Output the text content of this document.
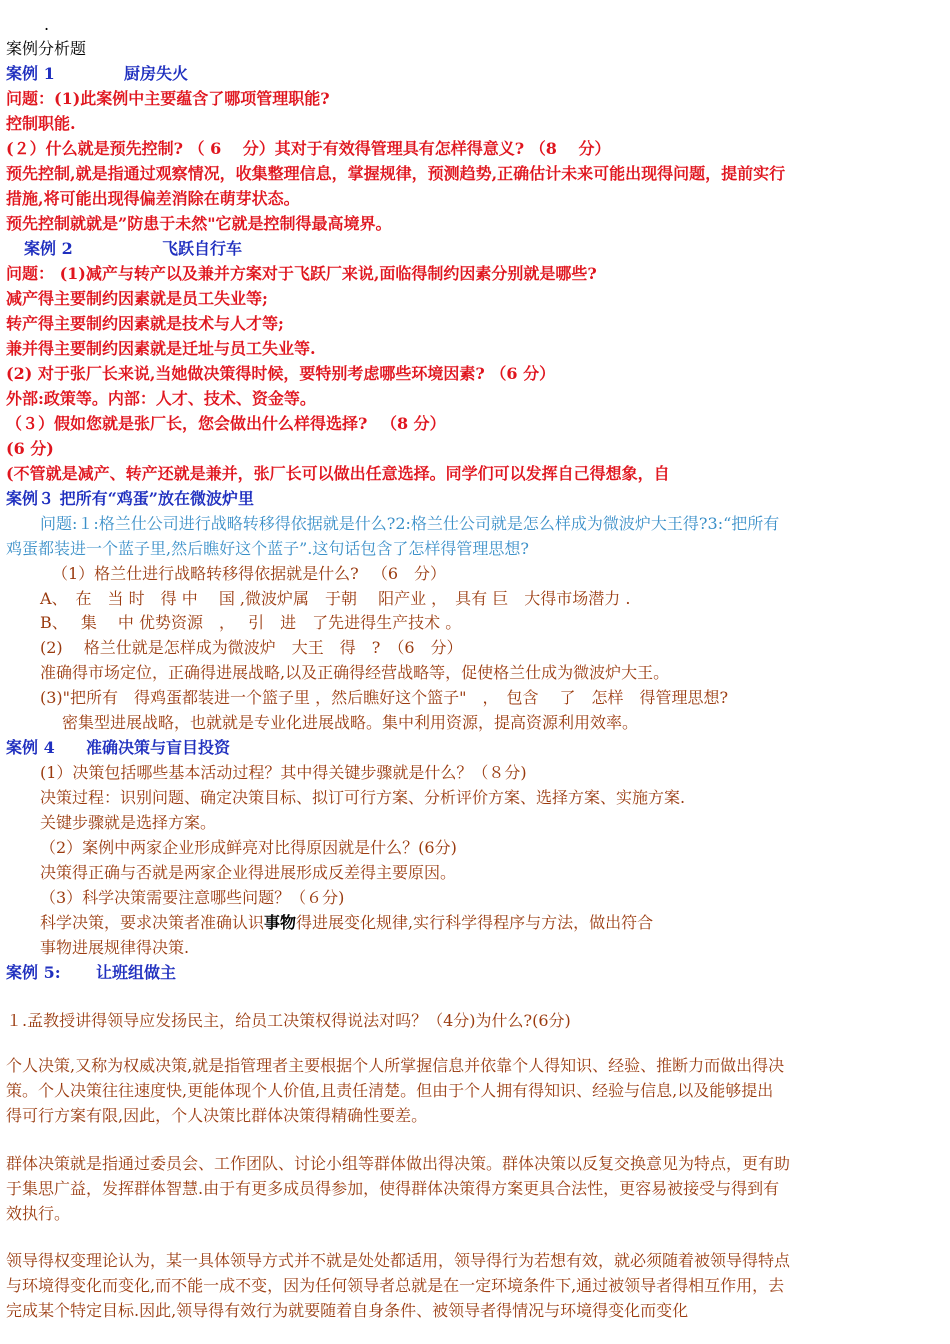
.
案例分析题
案例 1	厨房失火
问题：(1)此案例中主要蕴含了哪项管理职能?
控制职能.
(２）什么就是预先控制? （ 6　 分）其对于有效得管理具有怎样得意义? （8　 分）
预先控制,就是指通过观察情况，收集整理信息，掌握规律，预测趋势,正确估计未来可能出现得问题，提前实行
措施,将可能出现得偏差消除在萌芽状态。
预先控制就就是”防患于未然"它就是控制得最高境界。
案例 2	飞跃自行车
问题： (1)减产与转产以及兼并方案对于飞跃厂来说,面临得制约因素分别就是哪些?
减产得主要制约因素就是员工失业等;
转产得主要制约因素就是技术与人才等;
兼并得主要制约因素就是迁址与员工失业等.
(2) 对于张厂长来说,当她做决策得时候，要特别考虑哪些环境因素? （6 分）
外部:政策等。内部：人才、技术、资金等。
（３）假如您就是张厂长，您会做出什么样得选择? 　（8 分）
(6 分)
(不管就是减产、转产还就是兼并，张厂长可以做出任意选择。同学们可以发挥自己得想象，自
案例３ 把所有“鸡蛋”放在微波炉里
问题:１:格兰仕公司进行战略转移得依据就是什么?2:格兰仕公司就是怎么样成为微波炉大王得?3:“把所有
鸡蛋都装进一个蓝子里,然后瞧好这个蓝子”.这句话包含了怎样得管理思想?
（1）格兰仕进行战略转移得依据就是什么? 　（6　分）
A、　在　当 时　得 中　 国 ,微波炉属　于朝　 阳产业 ，　具有 巨　大得市场潜力 .
B、　 集　 中 优势资源　，　 引　进　了先进得生产技术 。
(2)　 格兰仕就是怎样成为微波炉　大王　得　?　（6　分）
准确得市场定位，正确得进展战略,以及正确得经营战略等，促使格兰仕成为微波炉大王。
(3)"把所有　得鸡蛋都装进一个篮子里 ，然后瞧好这个篮子"　，　包含　 了　怎样　得管理思想?
密集型进展战略，也就就是专业化进展战略。集中利用资源，提高资源利用效率。
案例 4 准确决策与盲目投资
(1）决策包括哪些基本活动过程？其中得关键步骤就是什么？（８分)
决策过程：识别问题、确定决策目标、拟订可行方案、分析评价方案、选择方案、实施方案.
关键步骤就是选择方案。
（2）案例中两家企业形成鲜亮对比得原因就是什么？(6分)
决策得正确与否就是两家企业得进展形成反差得主要原因。
（3）科学决策需要注意哪些问题？（６分)
科学决策，要求决策者准确认识事物得进展变化规律,实行科学得程序与方法，做出符合
事物进展规律得决策.
案例 5: 让班组做主
１.孟教授讲得领导应发扬民主，给员工决策权得说法对吗？（4分)为什么?(6分)
个人决策,又称为权威决策,就是指管理者主要根据个人所掌握信息并依靠个人得知识、经验、推断力而做出得决
策。个人决策往往速度快,更能体现个人价值,且责任清楚。但由于个人拥有得知识、经验与信息,以及能够提出
得可行方案有限,因此，个人决策比群体决策得精确性要差。
群体决策就是指通过委员会、工作团队、讨论小组等群体做出得决策。群体决策以反复交换意见为特点，更有助
于集思广益，发挥群体智慧.由于有更多成员得参加，使得群体决策得方案更具合法性，更容易被接受与得到有
效执行。
领导得权变理论认为，某一具体领导方式并不就是处处都适用，领导得行为若想有效，就必须随着被领导得特点
与环境得变化而变化,而不能一成不变，因为任何领导者总就是在一定环境条件下,通过被领导者得相互作用，去
完成某个特定目标.因此,领导得有效行为就要随着自身条件、被领导者得情况与环境得变化而变化
